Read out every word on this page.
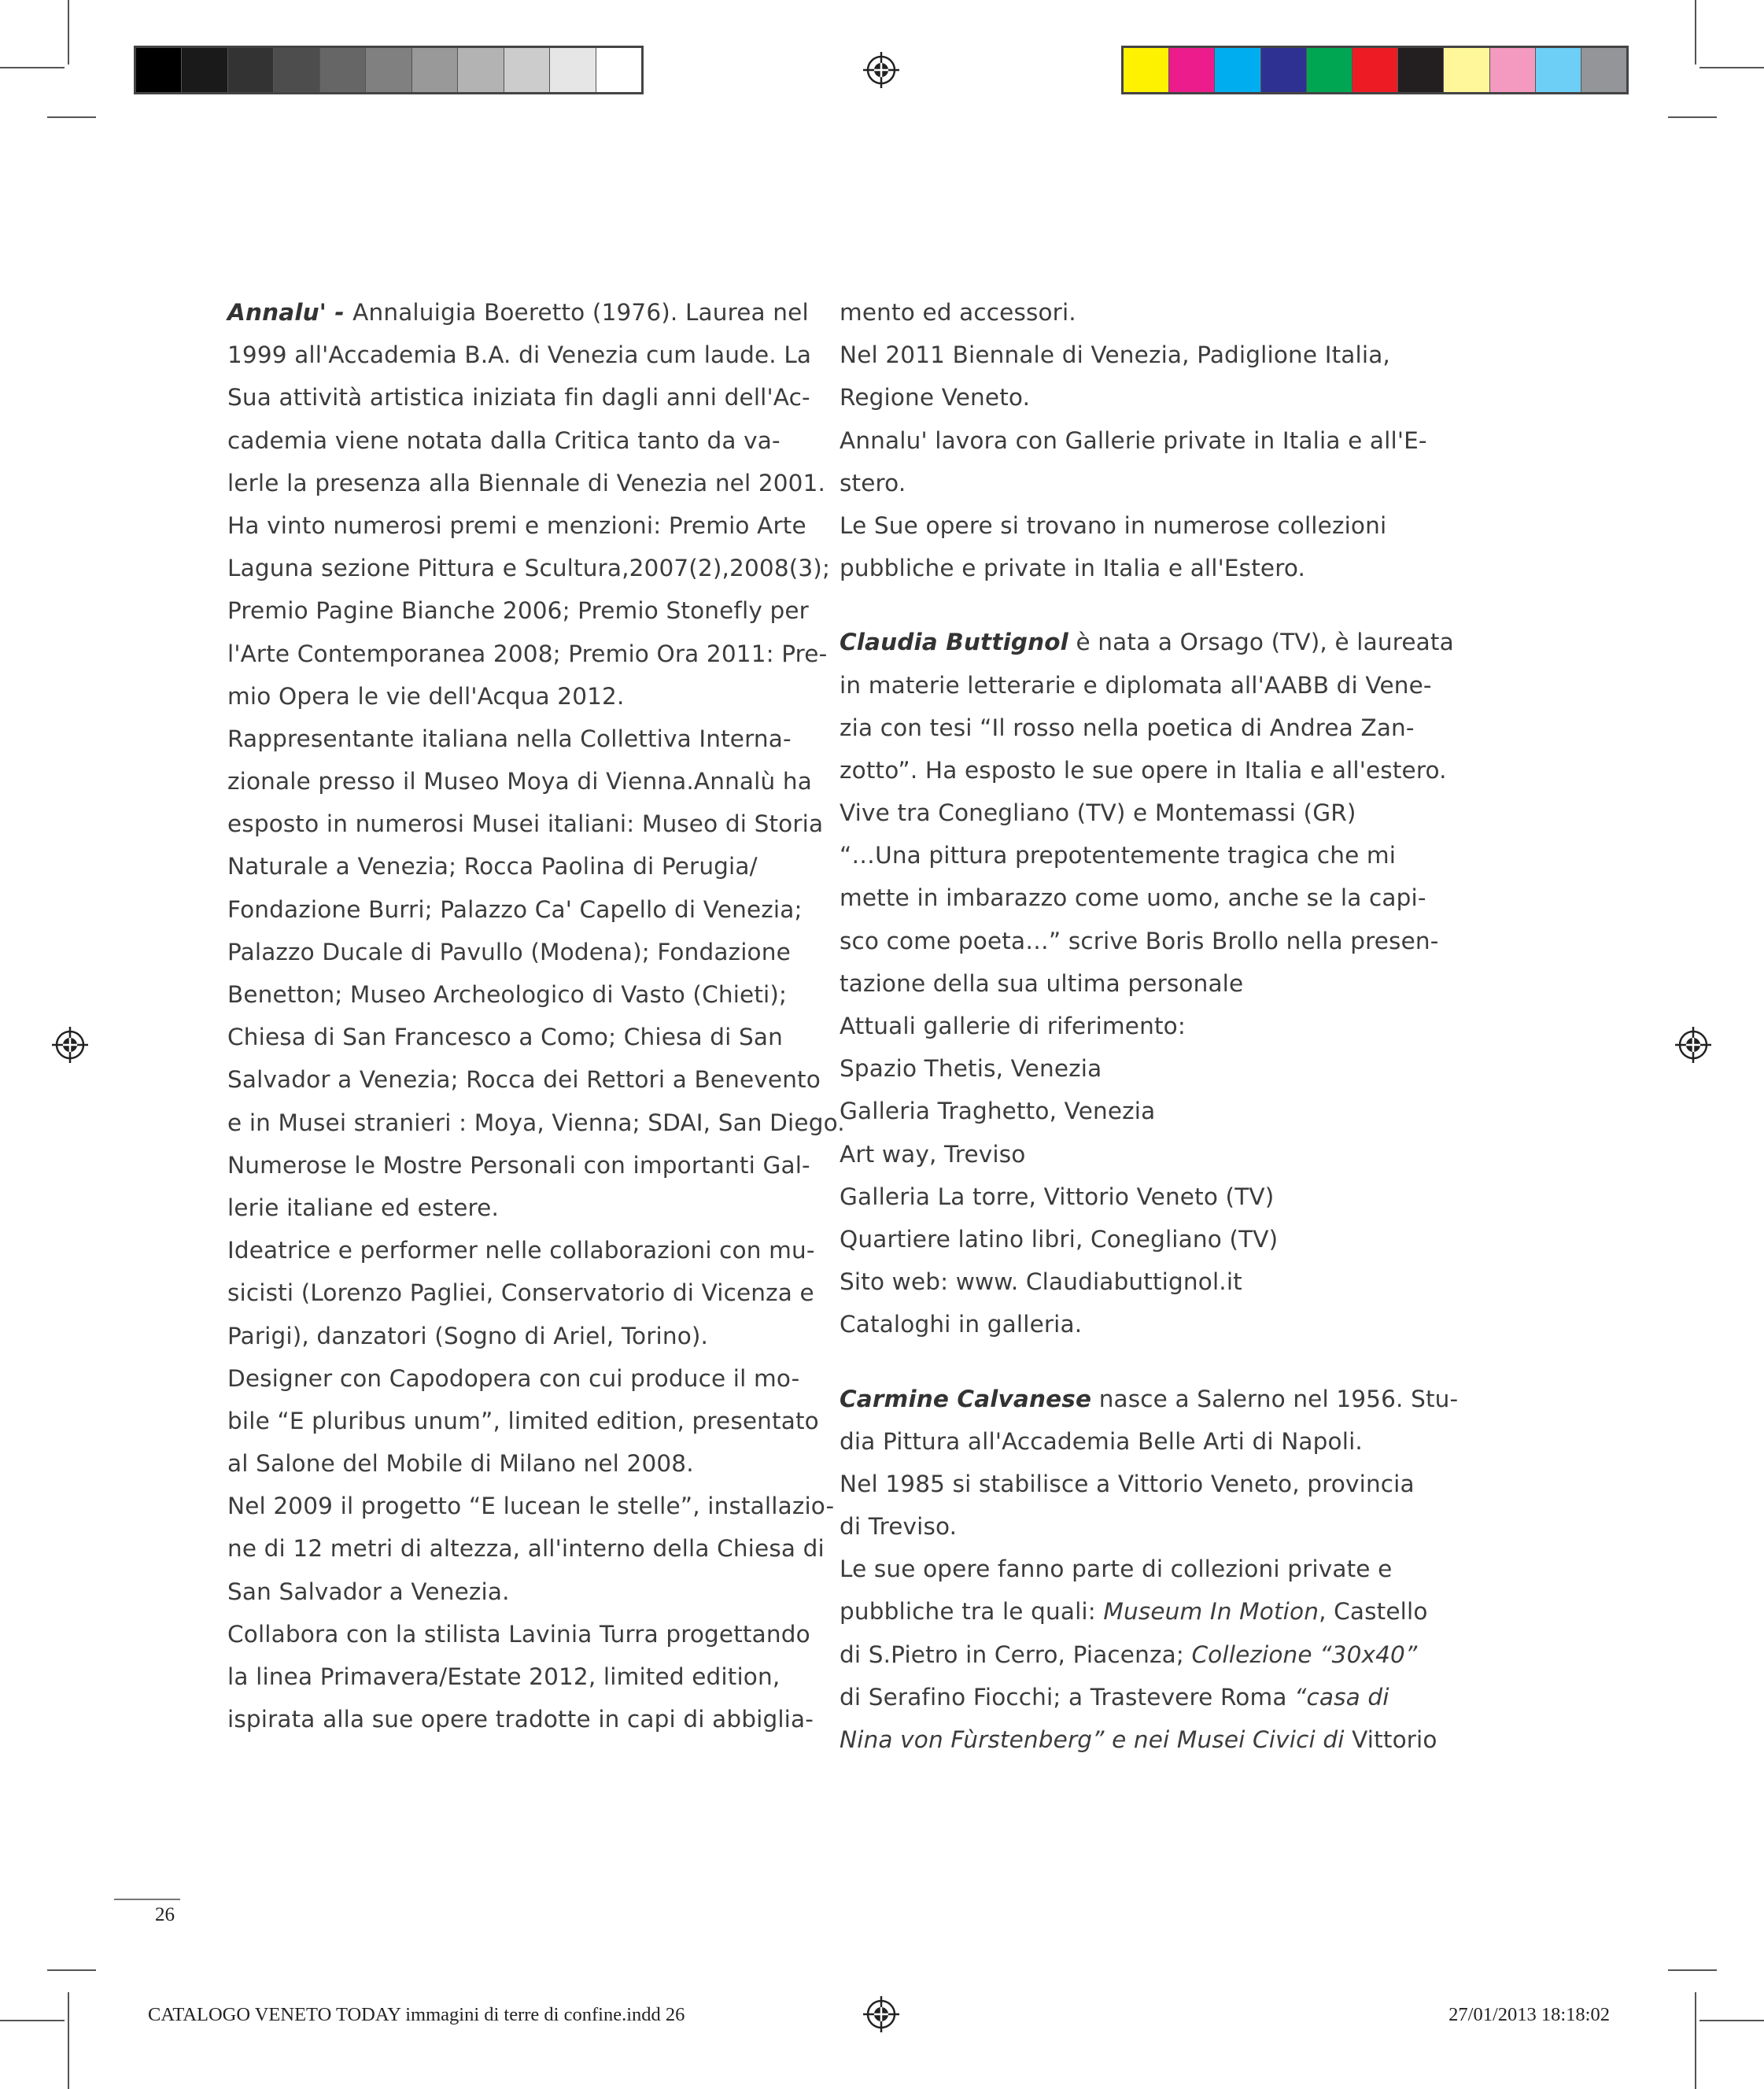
Annalu' - Annaluigia Boeretto (1976). Laurea nel
1999 all'Accademia B.A. di Venezia cum laude. La
Sua attività artistica iniziata fin dagli anni dell'Ac-
cademia viene notata dalla Critica tanto da va-
lerle la presenza alla Biennale di Venezia nel 2001.
Ha vinto numerosi premi e menzioni: Premio Arte
Laguna sezione Pittura e Scultura,2007(2),2008(3);
Premio Pagine Bianche 2006; Premio Stonefly per
l'Arte Contemporanea 2008; Premio Ora 2011: Pre-
mio Opera le vie dell'Acqua 2012.
Rappresentante italiana nella Collettiva Interna-
zionale presso il Museo Moya di Vienna.Annalù ha
esposto in numerosi Musei italiani: Museo di Storia
Naturale a Venezia; Rocca Paolina di Perugia/
Fondazione Burri; Palazzo Ca' Capello di Venezia;
Palazzo Ducale di Pavullo (Modena); Fondazione
Benetton; Museo Archeologico di Vasto (Chieti);
Chiesa di San Francesco a Como; Chiesa di San
Salvador a Venezia; Rocca dei Rettori a Benevento
e in Musei stranieri : Moya, Vienna; SDAI, San Diego.
Numerose le Mostre Personali con importanti Gal-
lerie italiane ed estere.
Ideatrice e performer nelle collaborazioni con mu-
sicisti (Lorenzo Pagliei, Conservatorio di Vicenza e
Parigi), danzatori (Sogno di Ariel, Torino).
Designer con Capodopera con cui produce il mo-
bile “E pluribus unum”, limited edition, presentato
al Salone del Mobile di Milano nel 2008.
Nel 2009 il progetto “E lucean le stelle”, installazio-
ne di 12 metri di altezza, all'interno della Chiesa di
San Salvador a Venezia.
Collabora con la stilista Lavinia Turra progettando
la linea Primavera/Estate 2012, limited edition,
ispirata alla sue opere tradotte in capi di abbiglia-
mento ed accessori.
Nel 2011 Biennale di Venezia, Padiglione Italia,
Regione Veneto.
Annalu' lavora con Gallerie private in Italia e all'E-
stero.
Le Sue opere si trovano in numerose collezioni
pubbliche e private in Italia e all'Estero.
Claudia Buttignol è nata a Orsago (TV), è laureata
in materie letterarie e diplomata all'AABB di Vene-
zia con tesi “Il rosso nella poetica di Andrea Zan-
zotto”. Ha esposto le sue opere in Italia e all'estero.
Vive tra Conegliano (TV) e Montemassi (GR)
“…Una pittura prepotentemente tragica che mi
mette in imbarazzo come uomo, anche se la capi-
sco come poeta…” scrive Boris Brollo nella presen-
tazione della sua ultima personale
Attuali gallerie di riferimento:
Spazio Thetis, Venezia
Galleria Traghetto, Venezia
Art way, Treviso
Galleria La torre, Vittorio Veneto (TV)
Quartiere latino libri, Conegliano (TV)
Sito web: www. Claudiabuttignol.it
Cataloghi in galleria.
Carmine Calvanese nasce a Salerno nel 1956. Stu-
dia Pittura all'Accademia Belle Arti di Napoli.
Nel 1985 si stabilisce a Vittorio Veneto, provincia
di Treviso.
Le sue opere fanno parte di collezioni private e
pubbliche tra le quali: Museum In Motion, Castello
di S.Pietro in Cerro, Piacenza; Collezione “30x40”
di Serafino Fiocchi; a Trastevere Roma “casa di
Nina von Fùrstenberg” e nei Musei Civici di Vittorio
26
CATALOGO VENETO TODAY immagini di terre di confine.indd 26	27/01/2013 18:18:02
